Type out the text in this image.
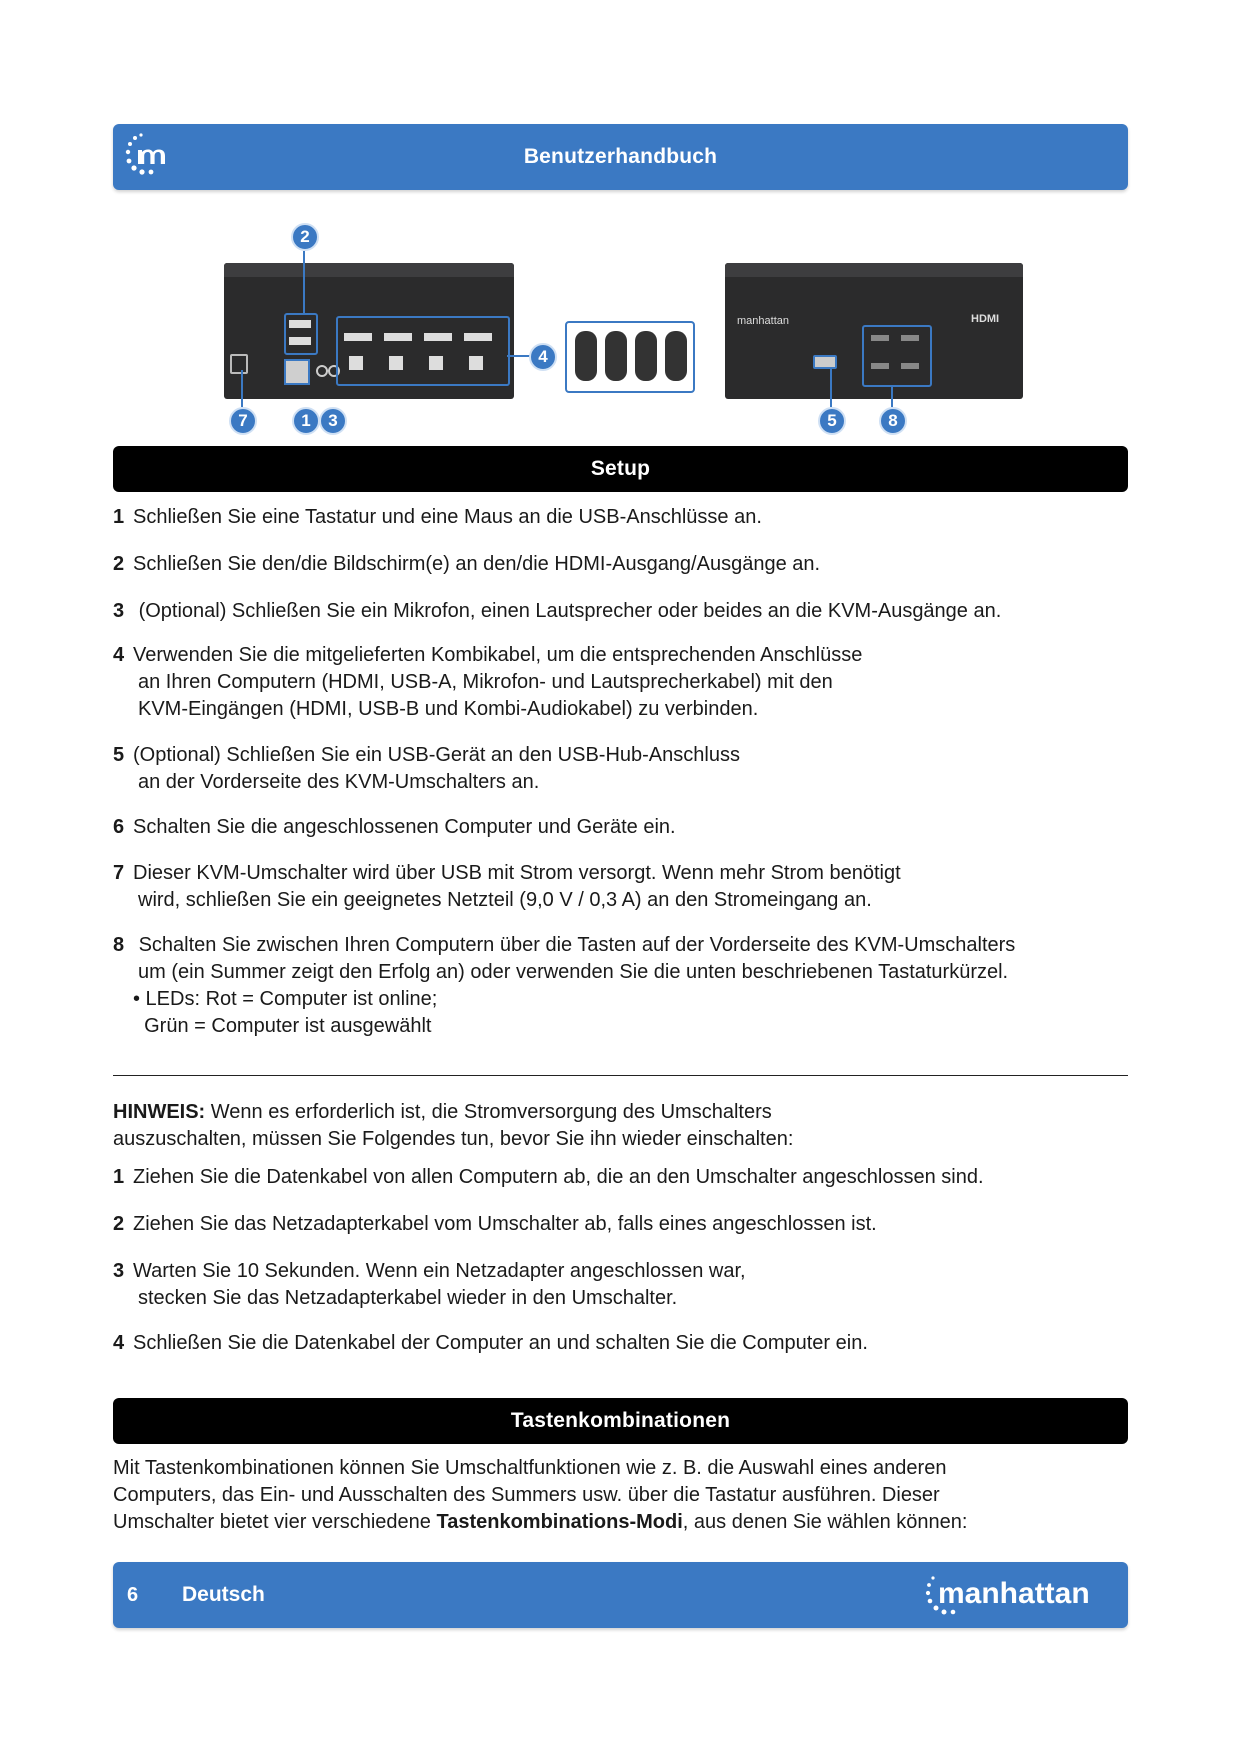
Benutzerhandbuch
manhattan	HDMI
2
4
7	1	3	5	8
Setup
1 Schließen Sie eine Tastatur und eine Maus an die USB-Anschlüsse an.
2 Schließen Sie den/die Bildschirm(e) an den/die HDMI-Ausgang/Ausgänge an.
3 (Optional) Schließen Sie ein Mikrofon, einen Lautsprecher oder beides an die KVM-Ausgänge an.
4 Verwenden Sie die mitgelieferten Kombikabel, um die entsprechenden Anschlüsse
an Ihren Computern (HDMI, USB-A, Mikrofon- und Lautsprecherkabel) mit den
KVM-Eingängen (HDMI, USB-B und Kombi-Audiokabel) zu verbinden.
5 (Optional) Schließen Sie ein USB-Gerät an den USB-Hub-Anschluss
an der Vorderseite des KVM-Umschalters an.
6 Schalten Sie die angeschlossenen Computer und Geräte ein.
7 Dieser KVM-Umschalter wird über USB mit Strom versorgt. Wenn mehr Strom benötigt
wird, schließen Sie ein geeignetes Netzteil (9,0 V / 0,3 A) an den Stromeingang an.
8 Schalten Sie zwischen Ihren Computern über die Tasten auf der Vorderseite des KVM-Umschalters
um (ein Summer zeigt den Erfolg an) oder verwenden Sie die unten beschriebenen Tastaturkürzel.
• LEDs: Rot = Computer ist online;
Grün = Computer ist ausgewählt
HINWEIS: Wenn es erforderlich ist, die Stromversorgung des Umschalters
auszuschalten, müssen Sie Folgendes tun, bevor Sie ihn wieder einschalten:
1 Ziehen Sie die Datenkabel von allen Computern ab, die an den Umschalter angeschlossen sind.
2 Ziehen Sie das Netzadapterkabel vom Umschalter ab, falls eines angeschlossen ist.
3 Warten Sie 10 Sekunden. Wenn ein Netzadapter angeschlossen war,
stecken Sie das Netzadapterkabel wieder in den Umschalter.
4 Schließen Sie die Datenkabel der Computer an und schalten Sie die Computer ein.
Tastenkombinationen
Mit Tastenkombinationen können Sie Umschaltfunktionen wie z. B. die Auswahl eines anderen
Computers, das Ein- und Ausschalten des Summers usw. über die Tastatur ausführen. Dieser
Umschalter bietet vier verschiedene Tastenkombinations-Modi, aus denen Sie wählen können:
6 Deutsch	manhattan
